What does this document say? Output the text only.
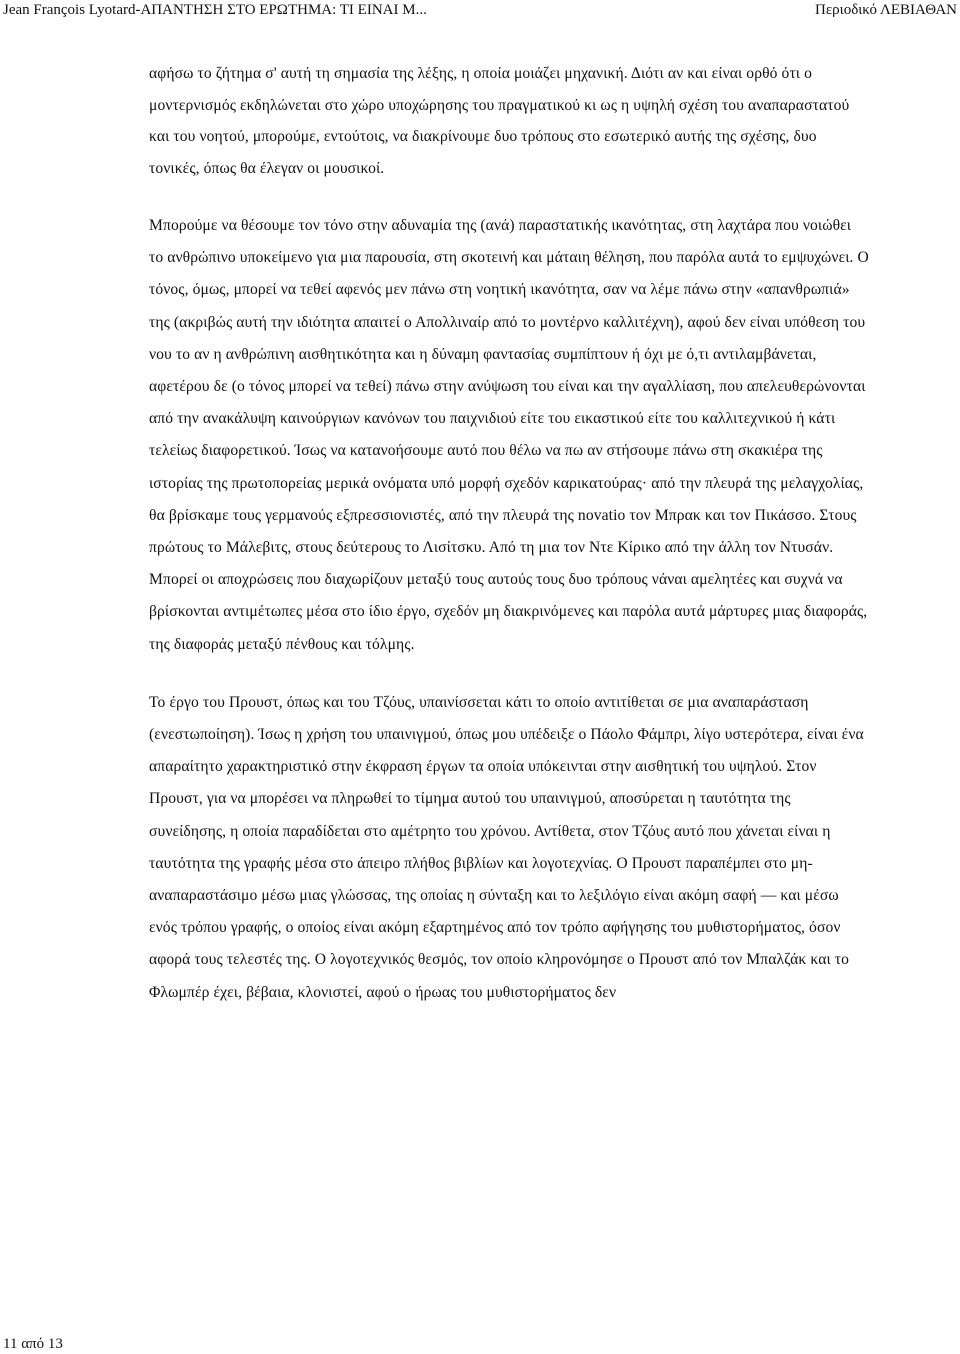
Jean François Lyotard-ΑΠΑΝΤΗΣΗ ΣΤΟ ΕΡΩΤΗΜΑ: ΤΙ ΕΙΝΑΙ Μ...	Περιοδικό ΛΕΒΙΑΘΑΝ

αφήσω το ζήτημα σ' αυτή τη σημασία της λέξης, η οποία μοιάζει μηχανική. Διότι αν και είναι ορθό ότι ο μοντερνισμός εκδηλώνεται στο χώρο υποχώρησης του πραγματικού κι ως η υψηλή σχέση του αναπαραστατού και του νοητού, μπορούμε, εντούτοις, να διακρίνουμε δυο τρόπους στο εσωτερικό αυτής της σχέσης, δυο τονικές, όπως θα έλεγαν οι μουσικοί.

Μπορούμε να θέσουμε τον τόνο στην αδυναμία της (ανά) παραστατικής ικανότητας, στη λαχτάρα που νοιώθει το ανθρώπινο υποκείμενο για μια παρουσία, στη σκοτεινή και μάταιη θέληση, που παρόλα αυτά το εμψυχώνει. Ο τόνος, όμως, μπορεί να τεθεί αφενός μεν πάνω στη νοητική ικανότητα, σαν να λέμε πάνω στην «απανθρωπιά» της (ακριβώς αυτή την ιδιότητα απαιτεί ο Απολλιναίρ από το μοντέρνο καλλιτέχνη), αφού δεν είναι υπόθεση του νου το αν η ανθρώπινη αισθητικότητα και η δύναμη φαντασίας συμπίπτουν ή όχι με ό,τι αντιλαμβάνεται, αφετέρου δε (ο τόνος μπορεί να τεθεί) πάνω στην ανύψωση του είναι και την αγαλλίαση, που απελευθερώνονται από την ανακάλυψη καινούργιων κανόνων του παιχνιδιού είτε του εικαστικού είτε του καλλιτεχνικού ή κάτι τελείως διαφορετικού. Ίσως να κατανοήσουμε αυτό που θέλω να πω αν στήσουμε πάνω στη σκακιέρα της ιστορίας της πρωτοπορείας μερικά ονόματα υπό μορφή σχεδόν καρικατούρας· από την πλευρά της μελαγχολίας, θα βρίσκαμε τους γερμανούς εξπρεσσιονιστές, από την πλευρά της novatio τον Μπρακ και τον Πικάσσο. Στους πρώτους το Μάλεβιτς, στους δεύτερους το Λισίτσκυ. Από τη μια τον Ντε Κίρικο από την άλλη τον Ντυσάν. Μπορεί οι αποχρώσεις που διαχωρίζουν μεταξύ τους αυτούς τους δυο τρόπους νάναι αμελητέες και συχνά να βρίσκονται αντιμέτωπες μέσα στο ίδιο έργο, σχεδόν μη διακρινόμενες και παρόλα αυτά μάρτυρες μιας διαφοράς, της διαφοράς μεταξύ πένθους και τόλμης.

Το έργο του Προυστ, όπως και του Τζόυς, υπαινίσσεται κάτι το οποίο αντιτίθεται σε μια αναπαράσταση (ενεστωποίηση). Ίσως η χρήση του υπαινιγμού, όπως μου υπέδειξε ο Πάολο Φάμπρι, λίγο υστερότερα, είναι ένα απαραίτητο χαρακτηριστικό στην έκφραση έργων τα οποία υπόκεινται στην αισθητική του υψηλού. Στον Προυστ, για να μπορέσει να πληρωθεί το τίμημα αυτού του υπαινιγμού, αποσύρεται η ταυτότητα της συνείδησης, η οποία παραδίδεται στο αμέτρητο του χρόνου. Αντίθετα, στον Τζόυς αυτό που χάνεται είναι η ταυτότητα της γραφής μέσα στο άπειρο πλήθος βιβλίων και λογοτεχνίας. Ο Προυστ παραπέμπει στο μη-αναπαραστάσιμο μέσω μιας γλώσσας, της οποίας η σύνταξη και το λεξιλόγιο είναι ακόμη σαφή — και μέσω ενός τρόπου γραφής, ο οποίος είναι ακόμη εξαρτημένος από τον τρόπο αφήγησης του μυθιστορήματος, όσον αφορά τους τελεστές της. Ο λογοτεχνικός θεσμός, τον οποίο κληρονόμησε ο Προυστ από τον Μπαλζάκ και το Φλωμπέρ έχει, βέβαια, κλονιστεί, αφού ο ήρωας του μυθιστορήματος δεν

11 από 13
